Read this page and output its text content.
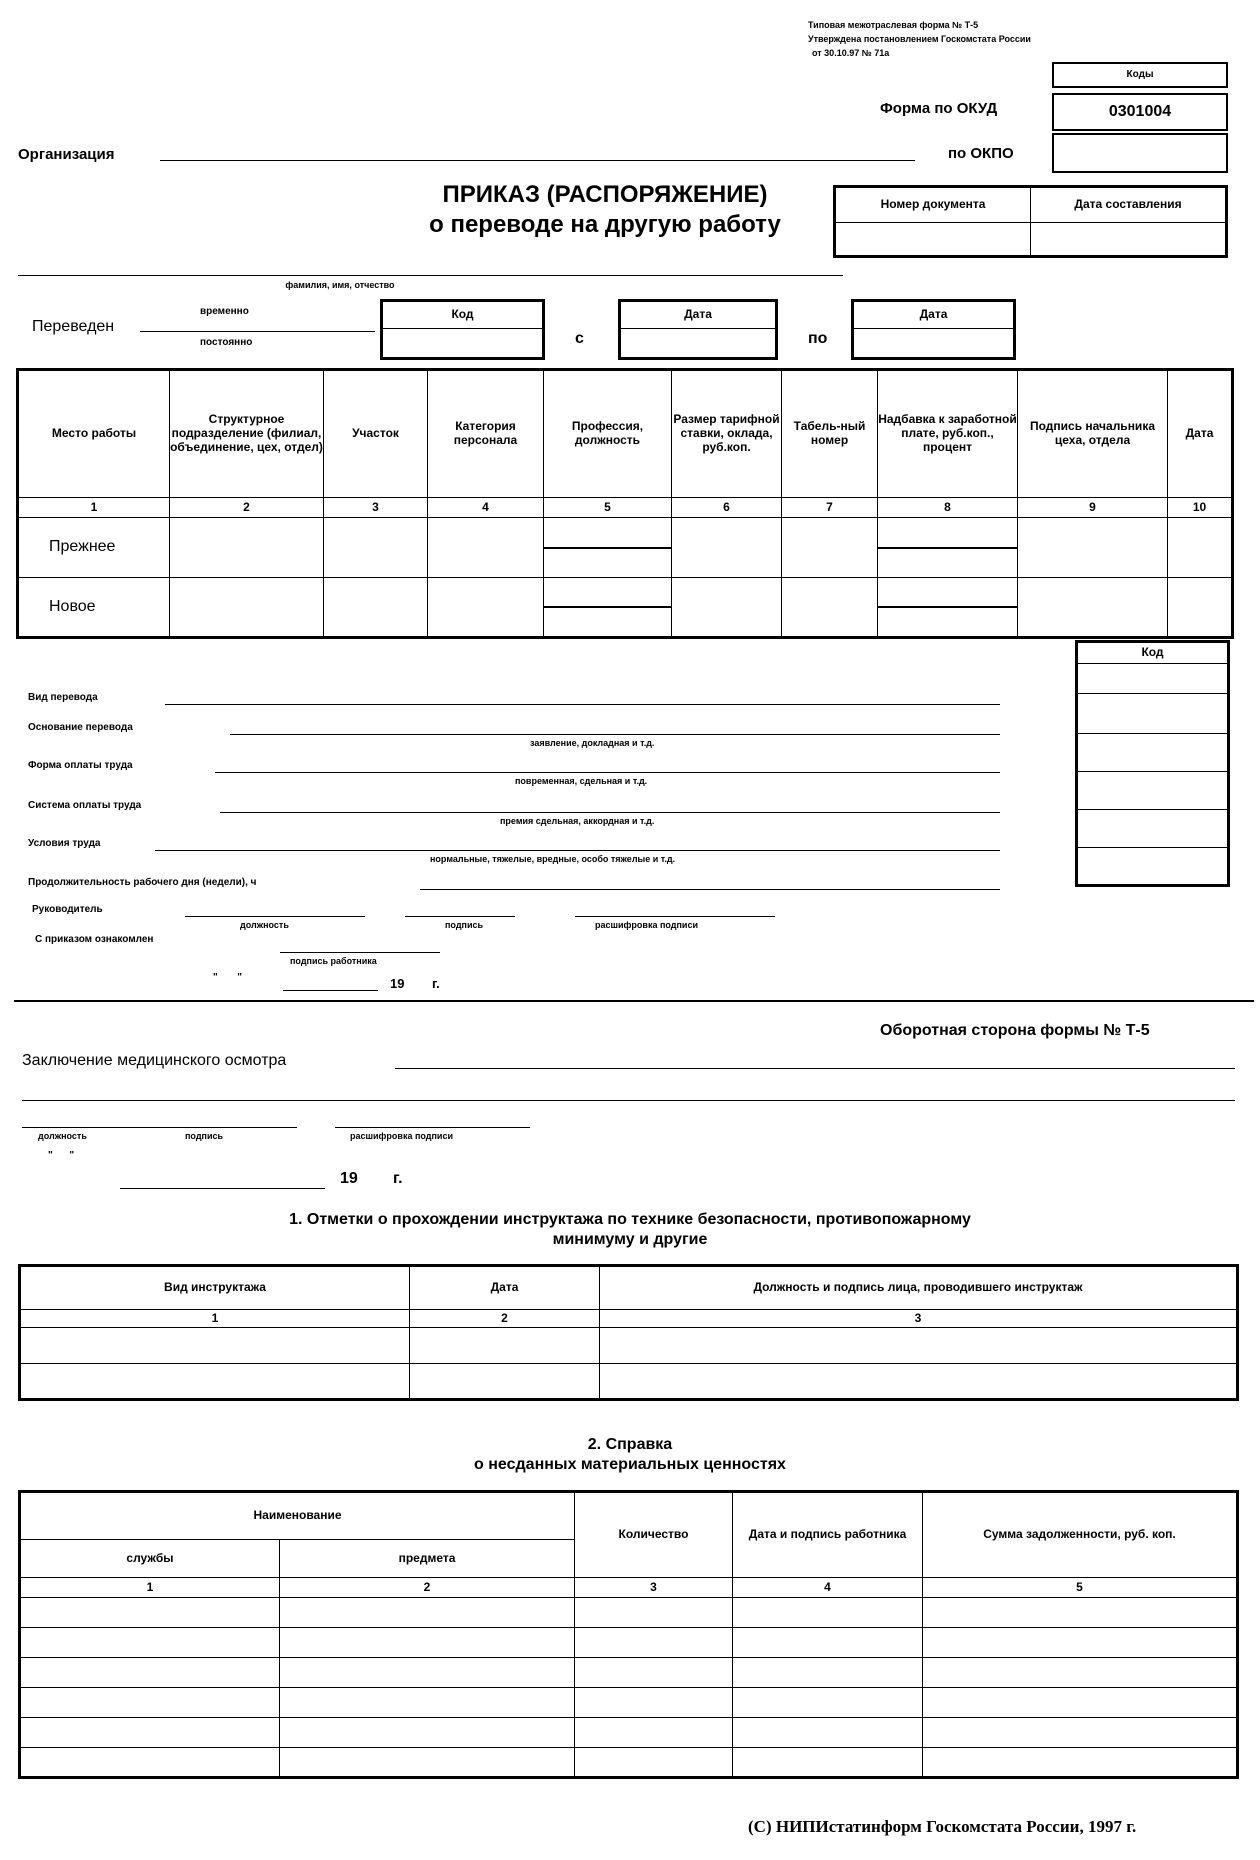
Типовая межотраслевая форма № Т-5
Утверждена постановлением Госкомстата России
от 30.10.97 № 71а
Коды
0301004
Форма по ОКУД
по ОКПО
Организация
ПРИКАЗ (РАСПОРЯЖЕНИЕ)
о переводе на другую работу
Номер документа	Дата составления

фамилия, имя, отчество
Переведен
временно
постоянно
Код

с
Дата

по
Дата

Место работы	Структурное подразделение (филиал, объединение, цех, отдел)	Участок	Категория персонала	Профессия, должность	Размер тарифной ставки, оклада, руб.коп.	Табель-ный номер	Надбавка к заработной плате, руб.коп., процент	Подпись начальника цеха, отдела	Дата
1	2	3	4	5	6	7	8	9	10
Прежнее				

Новое				

Код

Вид перевода
Основание перевода
заявление, докладная и т.д.
Форма оплаты труда
повременная, сдельная и т.д.
Система оплаты труда
премия сдельная, аккордная и т.д.
Условия труда
нормальные, тяжелые, вредные, особо тяжелые и т.д.
Продолжительность рабочего дня (недели), ч
Руководитель
должность	подпись	расшифровка подписи
С приказом ознакомлен
подпись работника
"       "	19 г.
Оборотная сторона формы № Т-5
Заключение медицинского осмотра
должность	подпись	расшифровка подписи
"      "
19 г.
1. Отметки о прохождении инструктажа по технике безопасности, противопожарному
минимуму и другие
Вид инструктажа	Дата	Должность и подпись лица, проводившего инструктаж
1	2	3

2. Справка
о несданных материальных ценностях
Наименование		Количество	Дата и подпись работника	Сумма задолженности, руб. коп.
службы	предмета			
1	2	3	4	5

(С) НИПИстатинформ Госкомстата России, 1997 г.
